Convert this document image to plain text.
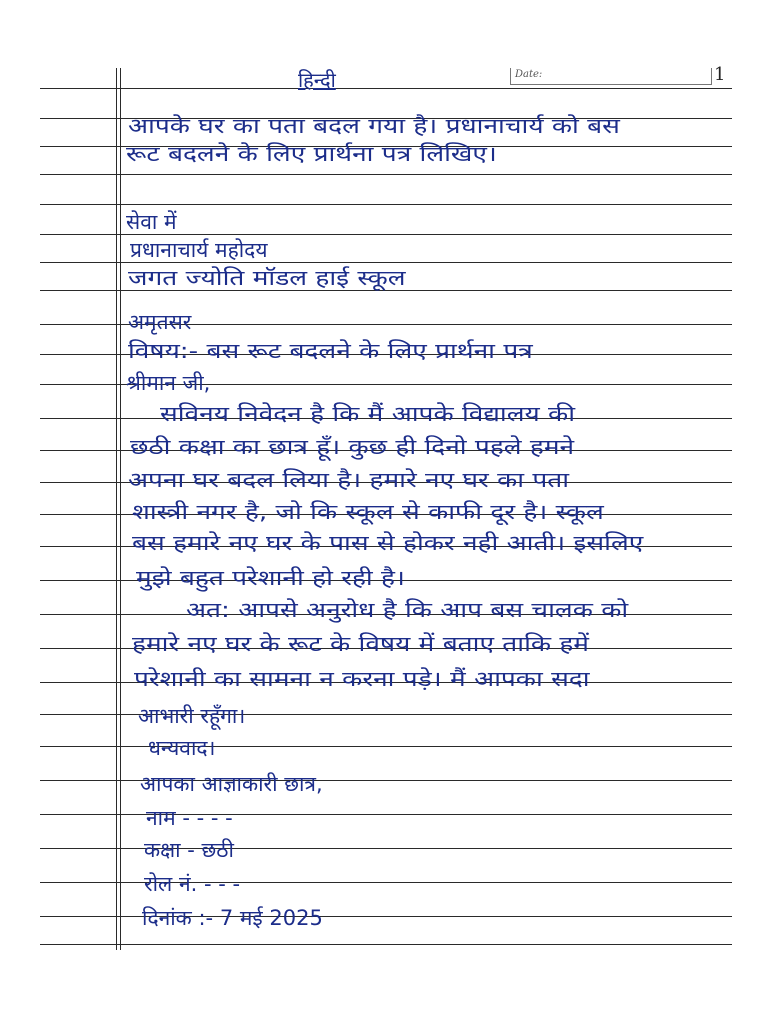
Date:
हिन्दी
आपके घर का पता बदल गया है। प्रधानाचार्य को बस
रूट बदलने के लिए प्रार्थना पत्र लिखिए।
सेवा में
प्रधानाचार्य महोदय
जगत ज्योति मॉडल हाई स्कूल
अमृतसर
विषय:- बस रूट बदलने के लिए प्रार्थना पत्र
श्रीमान जी,
सविनय निवेदन है कि मैं आपके विद्यालय की
छठी कक्षा का छात्र हूँ। कुछ ही दिनो पहले हमने
अपना घर बदल लिया है। हमारे नए घर का पता
शास्त्री नगर है, जो कि स्कूल से काफी दूर है। स्कूल
बस हमारे नए घर के पास से होकर नही आती। इसलिए
मुझे बहुत परेशानी हो रही है।
अत: आपसे अनुरोध है कि आप बस चालक को
हमारे नए घर के रूट के विषय में बताए ताकि हमें
परेशानी का सामना न करना पड़े। मैं आपका सदा
आभारी रहूँगा।
धन्यवाद।
आपका आज्ञाकारी छात्र,
नाम - - - -
कक्षा - छठी
रोल नं. - - -
दिनांक :- 7 मई 2025
1
